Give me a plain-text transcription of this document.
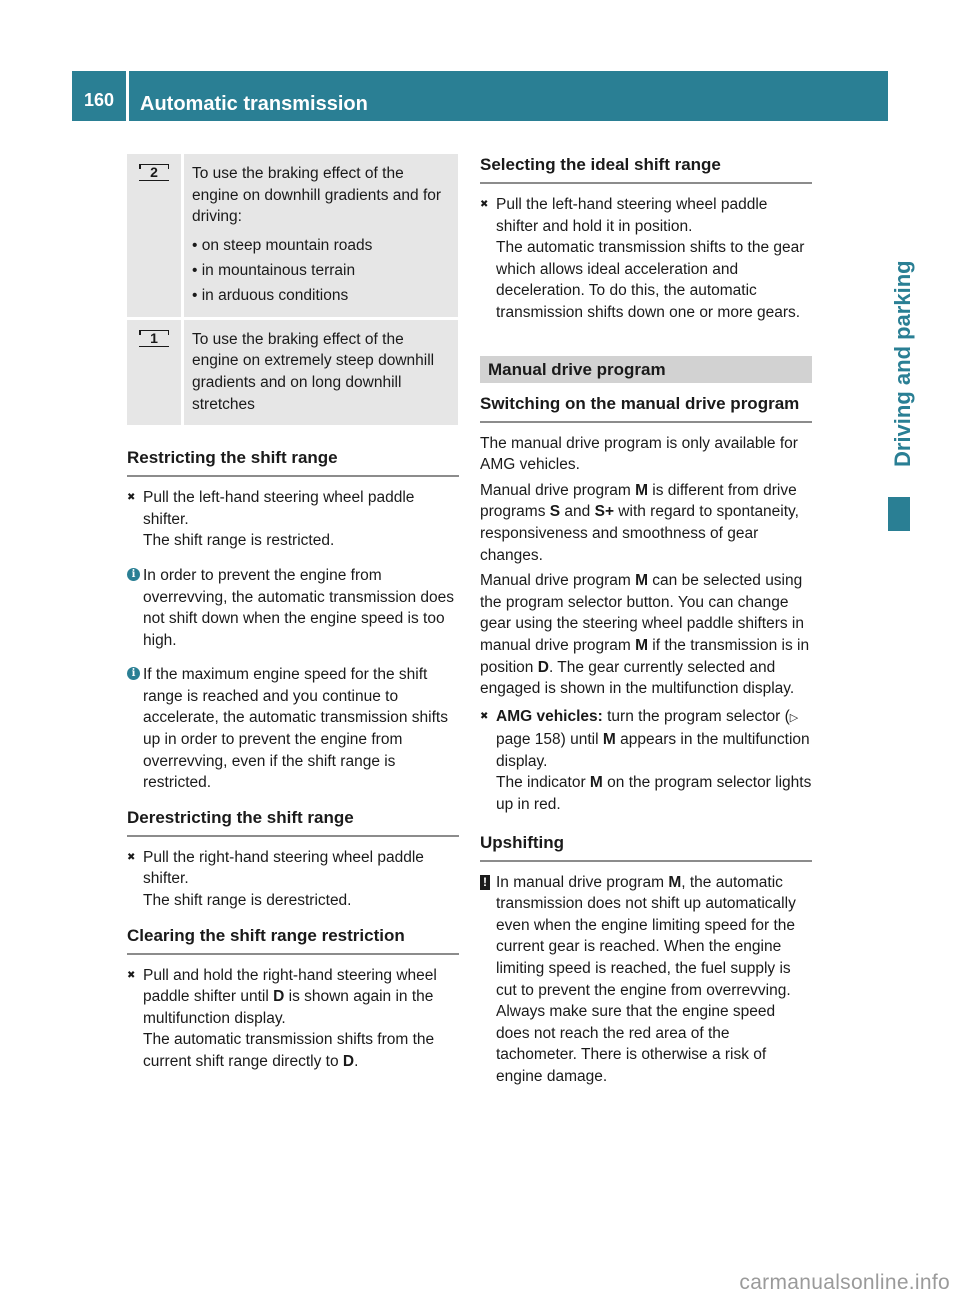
160	Automatic transmission
Driving and parking
2	To use the braking effect of the engine on downhill gradients and for driving:

• on steep mountain roads
• in mountainous terrain
• in arduous conditions
1	To use the braking effect of the engine on extremely steep downhill gradients and on long downhill stretches

Restricting the shift range
✖ Pull the left-hand steering wheel paddle shifter.
The shift range is restricted.
i In order to prevent the engine from overrevving, the automatic transmission does not shift down when the engine speed is too high.
i If the maximum engine speed for the shift range is reached and you continue to accelerate, the automatic transmission shifts up in order to prevent the engine from overrevving, even if the shift range is restricted.
Derestricting the shift range
✖ Pull the right-hand steering wheel paddle shifter.
The shift range is derestricted.
Clearing the shift range restriction
✖ Pull and hold the right-hand steering wheel paddle shifter until D is shown again in the multifunction display.
The automatic transmission shifts from the current shift range directly to D.
Selecting the ideal shift range
✖ Pull the left-hand steering wheel paddle shifter and hold it in position.
The automatic transmission shifts to the gear which allows ideal acceleration and deceleration. To do this, the automatic transmission shifts down one or more gears.
Manual drive program
Switching on the manual drive program

The manual drive program is only available for AMG vehicles.

Manual drive program M is different from drive programs S and S+ with regard to spontaneity, responsiveness and smoothness of gear changes.

Manual drive program M can be selected using the program selector button. You can change gear using the steering wheel paddle shifters in manual drive program M if the transmission is in position D. The gear currently selected and engaged is shown in the multifunction display.

✖ AMG vehicles: turn the program selector (▷ page 158) until M appears in the multifunction display.
The indicator M on the program selector lights up in red.
Upshifting
! In manual drive program M, the automatic transmission does not shift up automatically even when the engine limiting speed for the current gear is reached. When the engine limiting speed is reached, the fuel supply is cut to prevent the engine from overrevving. Always make sure that the engine speed does not reach the red area of the tachometer. There is otherwise a risk of engine damage.
carmanualsonline.info
